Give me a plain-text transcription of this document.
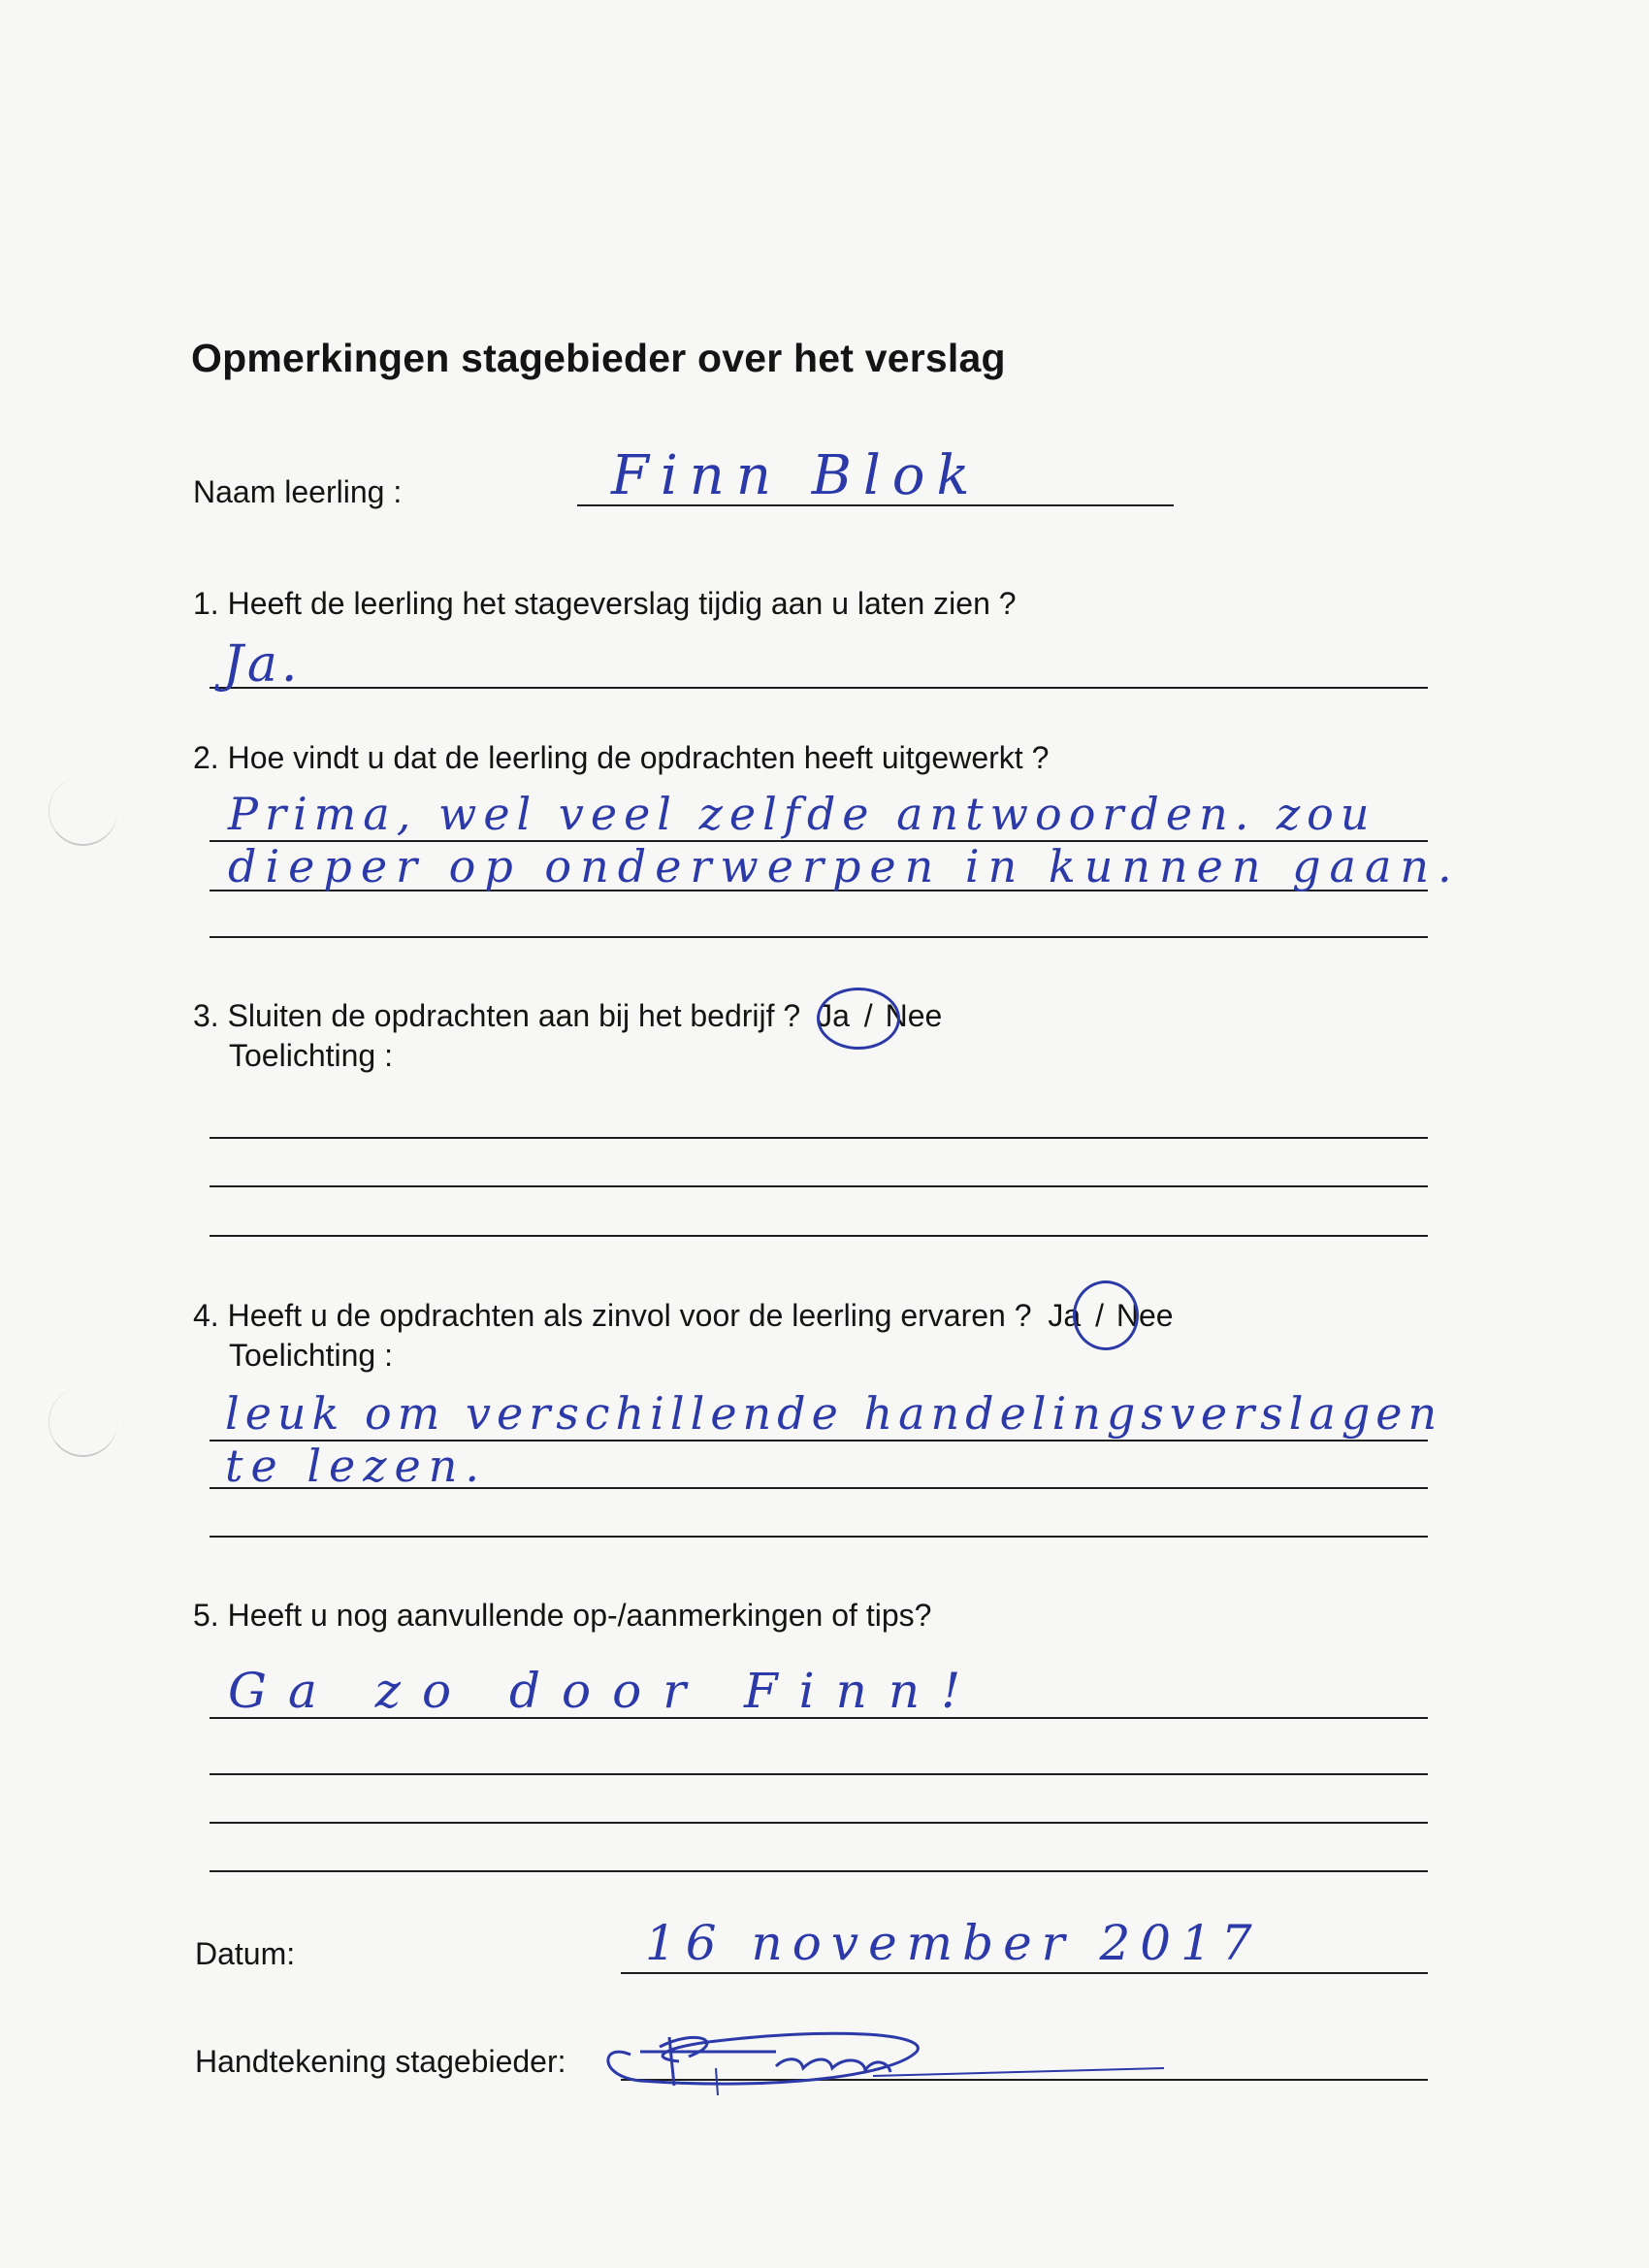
Opmerkingen stagebieder over het verslag
Naam leerling :	Finn Blok
1. Heeft de leerling het stageverslag tijdig aan u laten zien ?
Ja.
2. Hoe vindt u dat de leerling de opdrachten heeft uitgewerkt ?
Prima, wel veel zelfde antwoorden. zou
dieper op onderwerpen in kunnen gaan.
3. Sluiten de opdrachten aan bij het bedrijf ? Ja / Nee
Toelichting :
4. Heeft u de opdrachten als zinvol voor de leerling ervaren ? Ja / Nee
Toelichting :
leuk om verschillende handelingsverslagen
te lezen.
5. Heeft u nog aanvullende op-/aanmerkingen of tips?
Ga zo door Finn!
Datum:	16 november 2017
Handtekening stagebieder:
